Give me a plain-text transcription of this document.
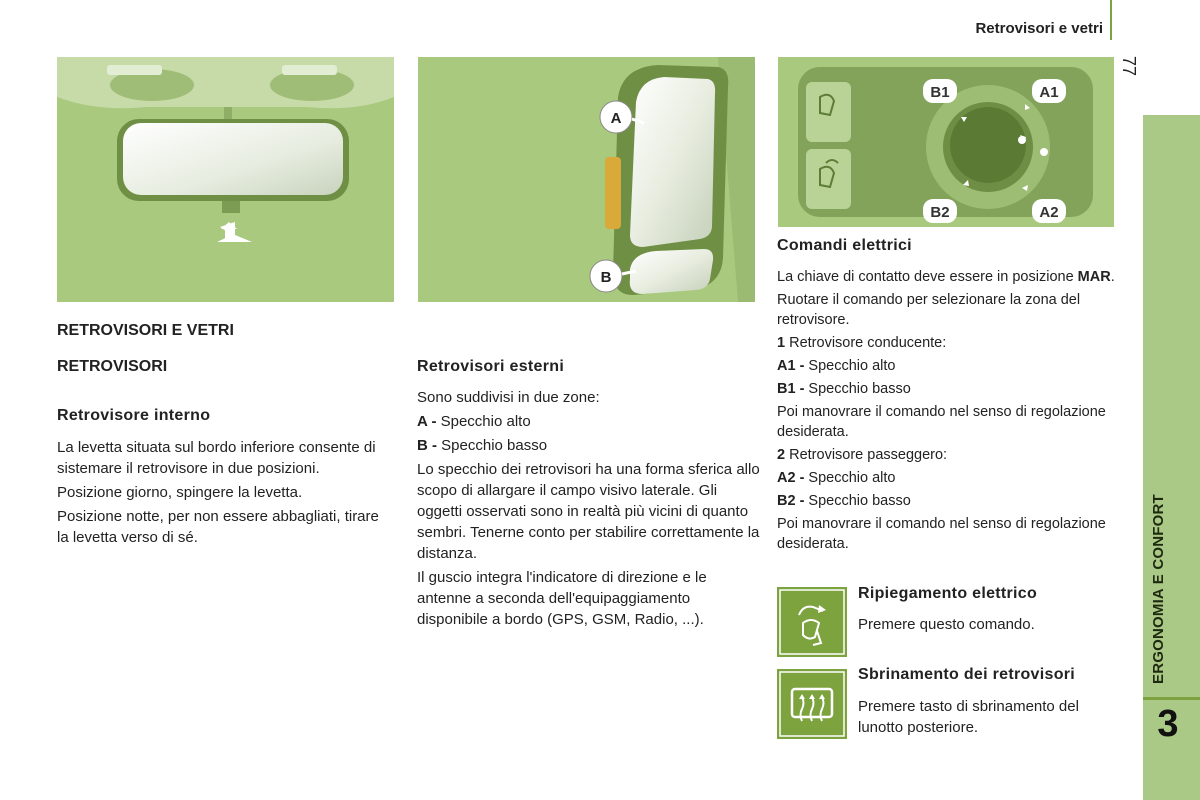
Retrovisori e vetri
77
ERGONOMIA E CONFORT
3
A
B
B1	A1
B2	A2
RETROVISORI E VETRI
RETROVISORI
Retrovisore interno

La levetta situata sul bordo inferiore consente di sistemare il retrovisore in due posizioni.

Posizione giorno, spingere la levetta.

Posizione notte, per non essere abbagliati, tirare la levetta verso di sé.

Retrovisori esterni

Sono suddivisi in due zone:

A - Specchio alto

B - Specchio basso

Lo specchio dei retrovisori ha una forma sferica allo scopo di allargare il campo visivo laterale. Gli oggetti osservati sono in realtà più vicini di quanto sembri. Tenerne conto per stabilire correttamente la distanza.

Il guscio integra l'indicatore di direzione e le antenne a seconda dell'equipaggiamento disponibile a bordo (GPS, GSM, Radio, ...).

Comandi elettrici

La chiave di contatto deve essere in posizione MAR.

Ruotare il comando per selezionare la zona del retrovisore.

1 Retrovisore conducente:

A1 - Specchio alto

B1 - Specchio basso

Poi manovrare il comando nel senso di regolazione desiderata.

2 Retrovisore passeggero:

A2 - Specchio alto

B2 - Specchio basso

Poi manovrare il comando nel senso di regolazione desiderata.

Ripiegamento elettrico
Premere questo comando.
Sbrinamento dei retrovisori
Premere tasto di sbrinamento del lunotto posteriore.
